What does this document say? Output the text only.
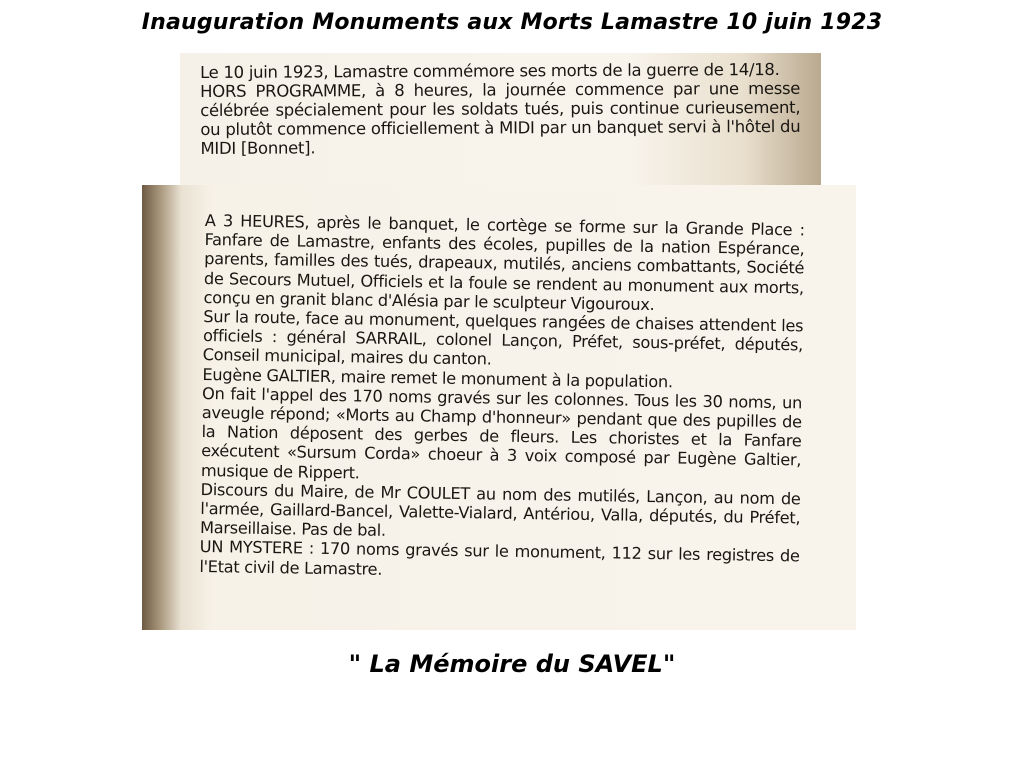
Inauguration Monuments aux Morts Lamastre 10 juin 1923
Le 10 juin 1923, Lamastre commémore ses morts de la guerre de 14/18.
HORS PROGRAMME, à 8 heures, la journée commence par une messe célébrée spécialement pour les soldats tués, puis continue curieusement, ou plutôt commence officiellement à MIDI par un banquet servi à l'hôtel du MIDI [Bonnet].
A 3 HEURES, après le banquet, le cortège se forme sur la Grande Place : Fanfare de Lamastre, enfants des écoles, pupilles de la nation Espérance, parents, familles des tués, drapeaux, mutilés, anciens combattants, Société de Secours Mutuel, Officiels et la foule se rendent au monument aux morts, conçu en granit blanc d'Alésia par le sculpteur Vigouroux.
Sur la route, face au monument, quelques rangées de chaises attendent les officiels : général SARRAIL, colonel Lançon, Préfet, sous-préfet, députés, Conseil municipal, maires du canton.
Eugène GALTIER, maire remet le monument à la population.
On fait l'appel des 170 noms gravés sur les colonnes. Tous les 30 noms, un aveugle répond; «Morts au Champ d'honneur» pendant que des pupilles de la Nation déposent des gerbes de fleurs. Les choristes et la Fanfare exécutent «Sursum Corda» choeur à 3 voix composé par Eugène Galtier, musique de Rippert.
Discours du Maire, de Mr COULET au nom des mutilés, Lançon, au nom de l'armée, Gaillard-Bancel, Valette-Vialard, Antériou, Valla, députés, du Préfet, Marseillaise. Pas de bal.
UN MYSTERE : 170 noms gravés sur le monument, 112 sur les registres de l'Etat civil de Lamastre.
" La Mémoire du SAVEL"
